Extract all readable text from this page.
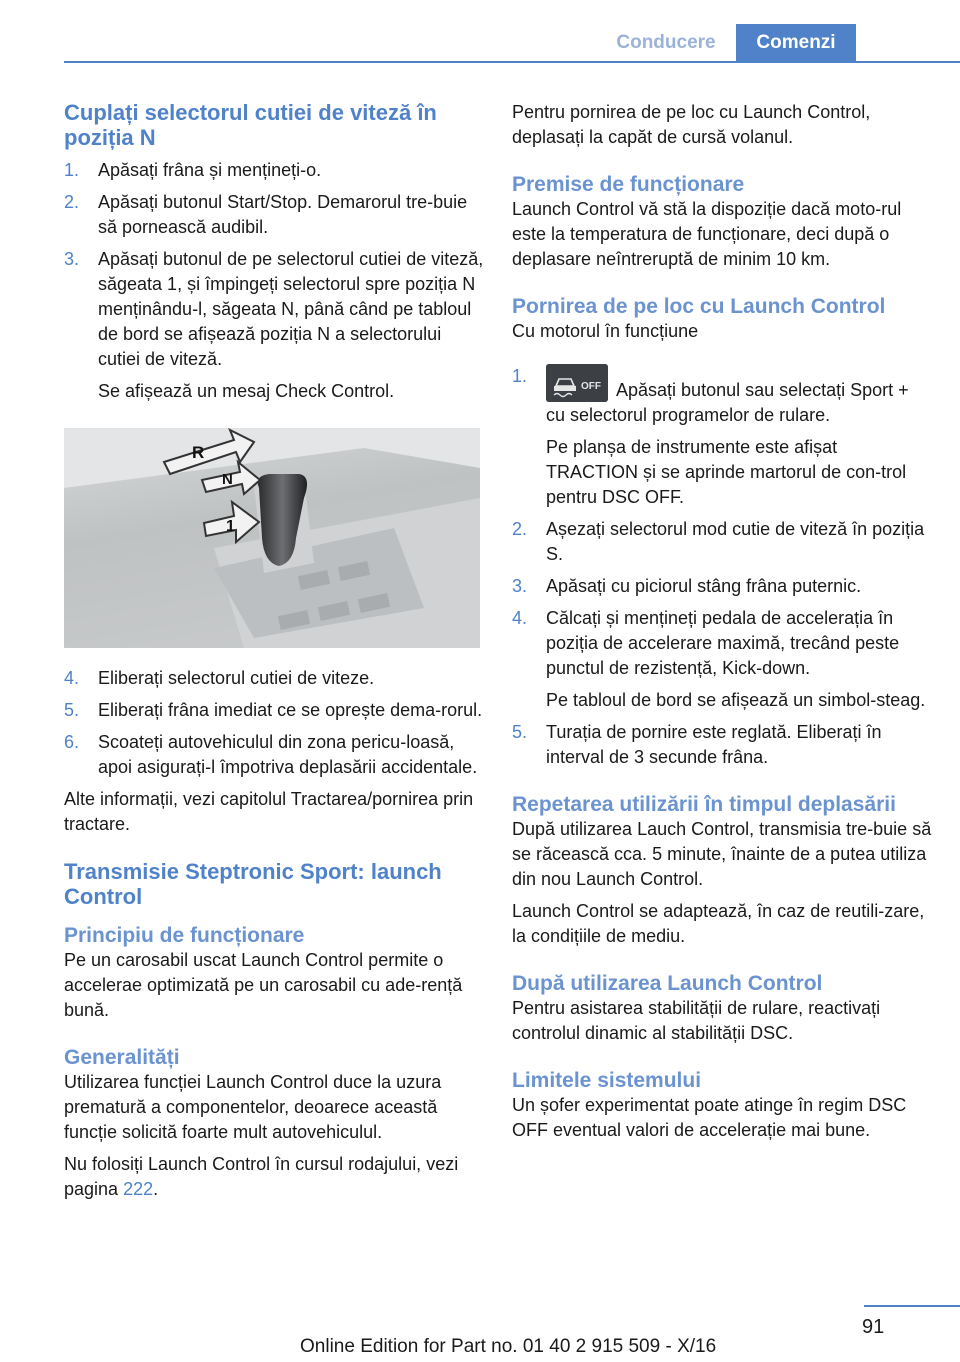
Conducere	Comenzi
Cuplați selectorul cutiei de viteză în poziția N
1. Apăsați frâna și mențineți-o.
2. Apăsați butonul Start/Stop. Demarorul tre‐buie să pornească audibil.
3. Apăsați butonul de pe selectorul cutiei de viteză, săgeata 1, și împingeți selectorul spre poziția N menținându-l, săgeata N, până când pe tabloul de bord se afișează poziția N a selectorului cutiei de viteză.
Se afișează un mesaj Check Control.
R
N
1
4. Eliberați selectorul cutiei de viteze.
5. Eliberați frâna imediat ce se oprește dema‐rorul.
6. Scoateți autovehiculul din zona pericu‐loasă, apoi asigurați-l împotriva deplasării accidentale.
Alte informații, vezi capitolul Tractarea/pornirea prin tractare.
Transmisie Steptronic Sport: launch Control
Principiu de funcționare
Pe un carosabil uscat Launch Control permite o accelerae optimizată pe un carosabil cu ade‐rență bună.
Generalități
Utilizarea funcției Launch Control duce la uzura prematură a componentelor, deoarece această funcție solicită foarte mult autovehiculul.
Nu folosiți Launch Control în cursul rodajului, vezi pagina 222.
Pentru pornirea de pe loc cu Launch Control, deplasați la capăt de cursă volanul.
Premise de funcționare
Launch Control vă stă la dispoziție dacă moto‐rul este la temperatura de funcționare, deci după o deplasare neîntreruptă de minim 10 km.
Pornirea de pe loc cu Launch Control
Cu motorul în funcțiune
1.
OFF Apăsați butonul sau selectați Sport + cu selectorul programelor de rulare.
Pe planșa de instrumente este afișat TRACTION și se aprinde martorul de con‐trol pentru DSC OFF.
2. Așezați selectorul mod cutie de viteză în poziția S.
3. Apăsați cu piciorul stâng frâna puternic.
4. Călcați și mențineți pedala de accelerația în poziția de accelerare maximă, trecând peste punctul de rezistență, Kick-down.
Pe tabloul de bord se afișează un simbol-steag.
5. Turația de pornire este reglată. Eliberați în interval de 3 secunde frâna.
Repetarea utilizării în timpul deplasării
După utilizarea Lauch Control, transmisia tre‐buie să se răcească cca. 5 minute, înainte de a putea utiliza din nou Launch Control.
Launch Control se adaptează, în caz de reutili‐zare, la condițiile de mediu.
După utilizarea Launch Control
Pentru asistarea stabilității de rulare, reactivați controlul dinamic al stabilității DSC.
Limitele sistemului
Un șofer experimentat poate atinge în regim DSC OFF eventual valori de accelerație mai bune.
91
Online Edition for Part no. 01 40 2 915 509 - X/16
